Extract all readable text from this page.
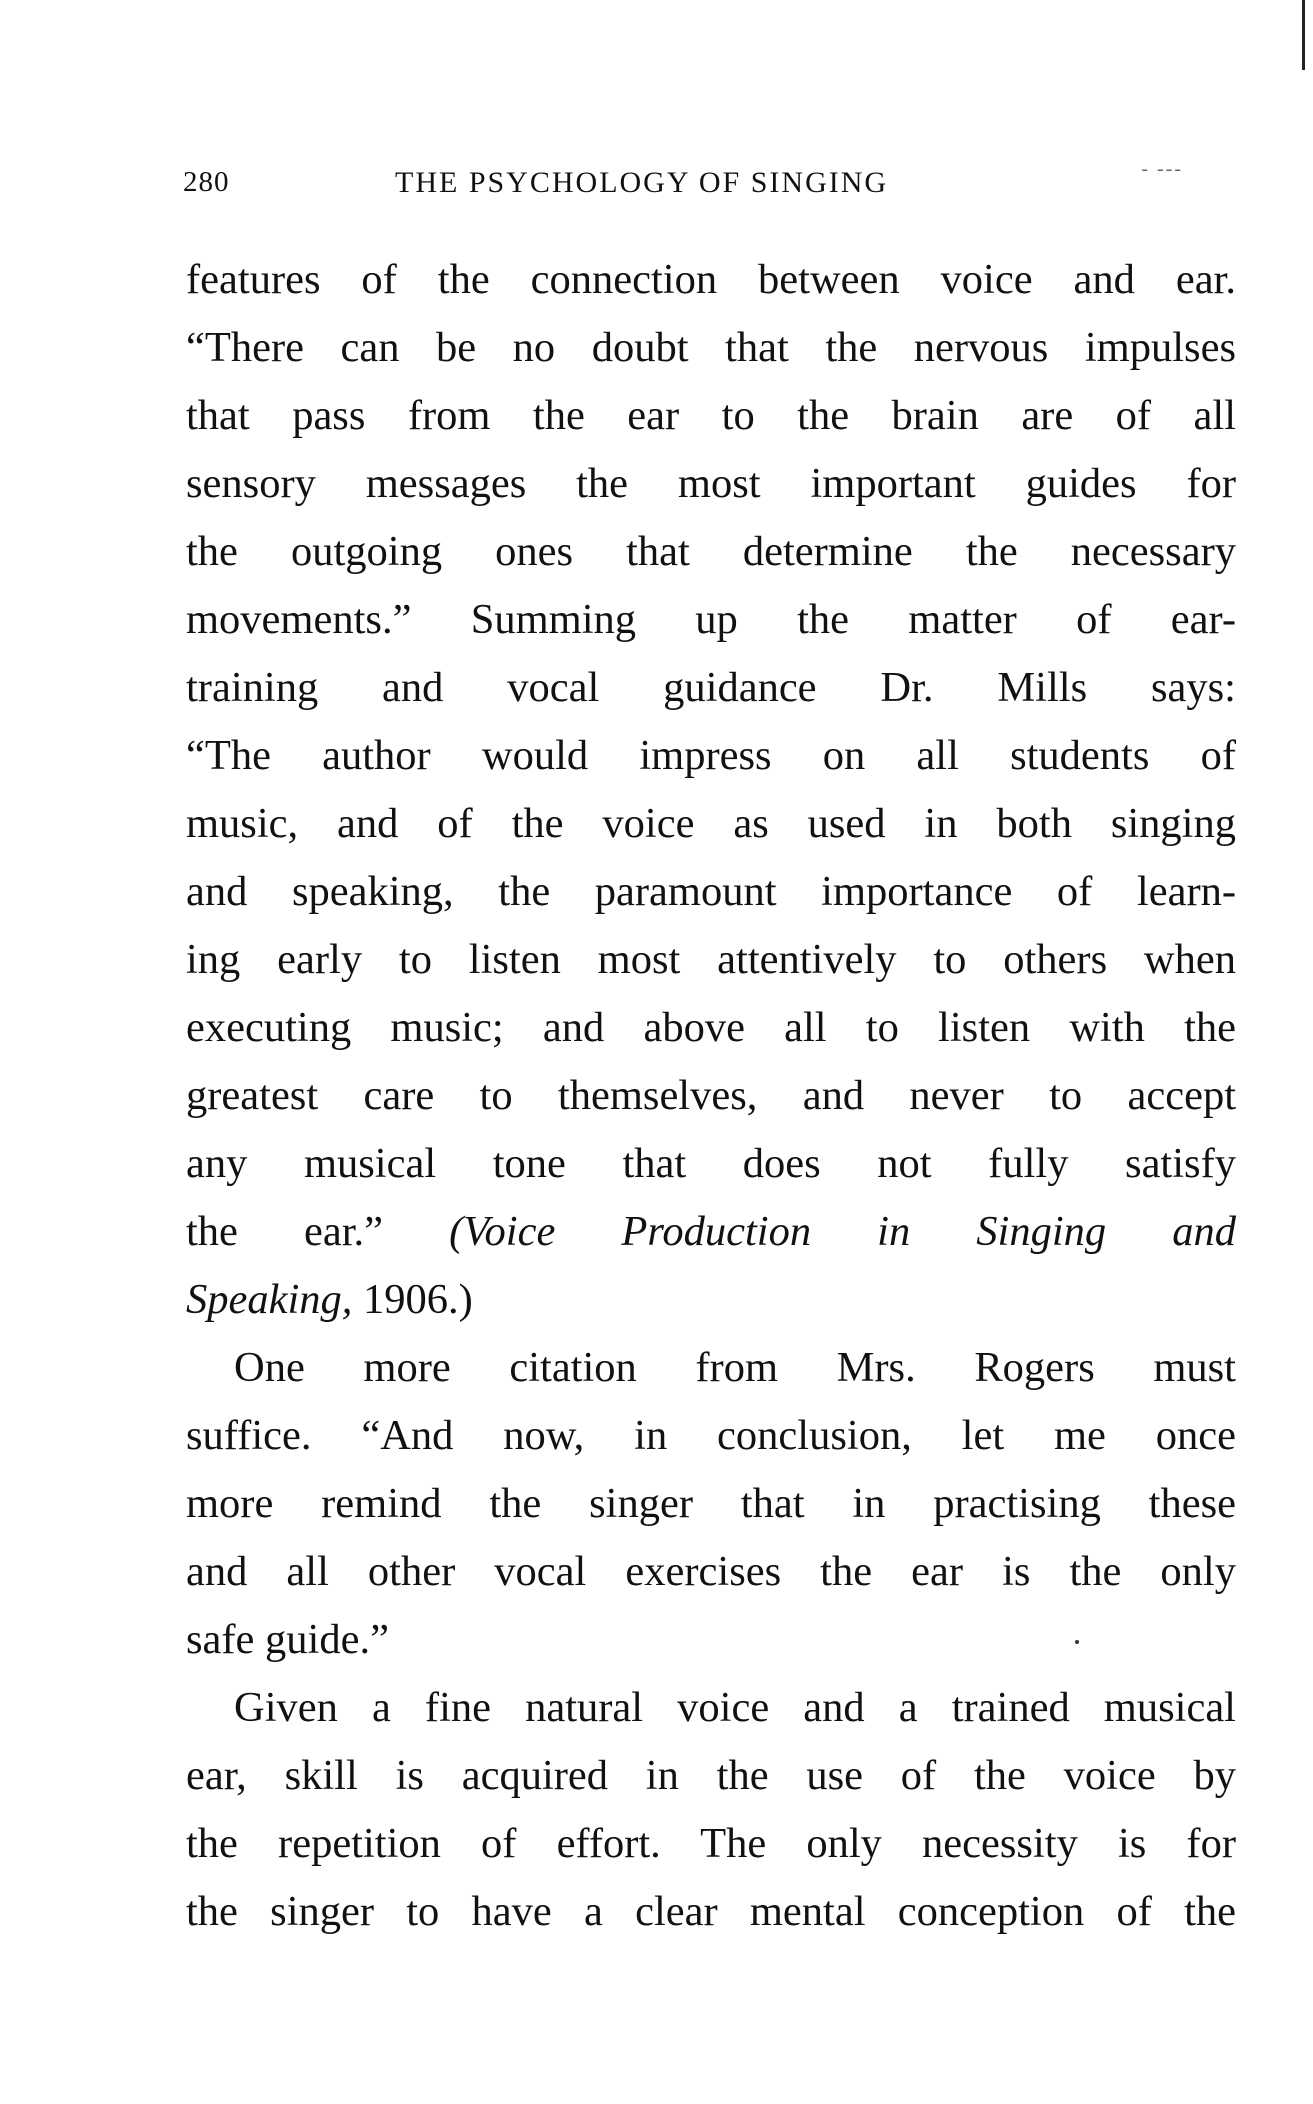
280	THE PSYCHOLOGY OF SINGING	- ---
features of the connection between voice and ear.
“There can be no doubt that the nervous impulses
that pass from the ear to the brain are of all
sensory messages the most important guides for
the outgoing ones that determine the necessary
movements.” Summing up the matter of ear-
training and vocal guidance Dr. Mills says:
“The author would impress on all students of
music, and of the voice as used in both singing
and speaking, the paramount importance of learn-
ing early to listen most attentively to others when
executing music; and above all to listen with the
greatest care to themselves, and never to accept
any musical tone that does not fully satisfy
the ear.” (Voice Production in Singing and
Speaking, 1906.)
One more citation from Mrs. Rogers must
suffice. “And now, in conclusion, let me once
more remind the singer that in practising these
and all other vocal exercises the ear is the only
safe guide.”
Given a fine natural voice and a trained musical
ear, skill is acquired in the use of the voice by
the repetition of effort. The only necessity is for
the singer to have a clear mental conception of the
